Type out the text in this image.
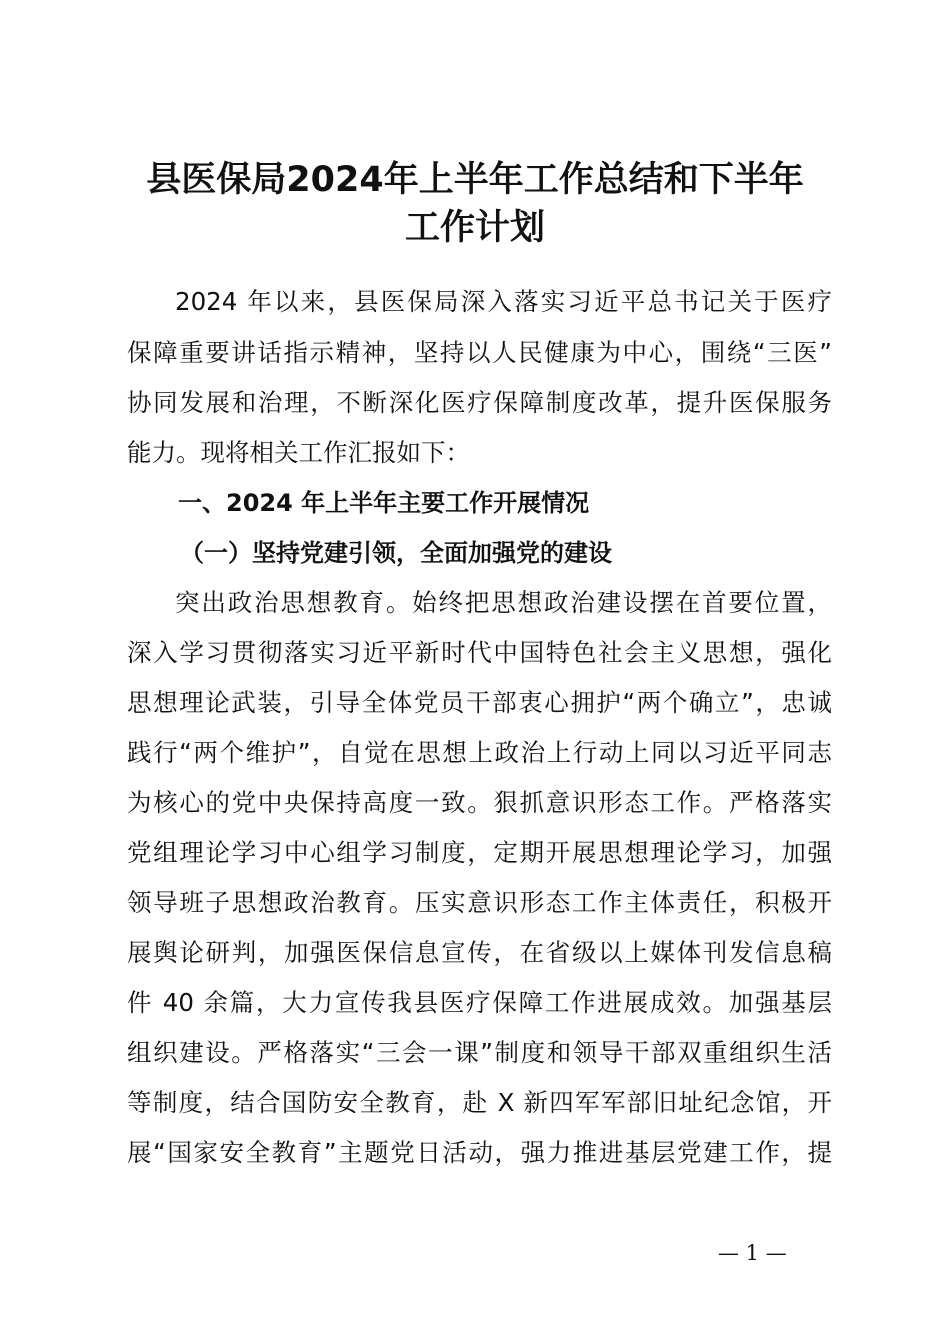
县医保局2024年上半年工作总结和下半年
工作计划
2024 年以来，县医保局深入落实习近平总书记关于医疗
保障重要讲话指示精神，坚持以人民健康为中心，围绕“三医”
协同发展和治理，不断深化医疗保障制度改革，提升医保服务
能力。现将相关工作汇报如下：
一、2024 年上半年主要工作开展情况
（一）坚持党建引领，全面加强党的建设
突出政治思想教育。始终把思想政治建设摆在首要位置，
深入学习贯彻落实习近平新时代中国特色社会主义思想，强化
思想理论武装，引导全体党员干部衷心拥护“两个确立”，忠诚
践行“两个维护”，自觉在思想上政治上行动上同以习近平同志
为核心的党中央保持高度一致。狠抓意识形态工作。严格落实
党组理论学习中心组学习制度，定期开展思想理论学习，加强
领导班子思想政治教育。压实意识形态工作主体责任，积极开
展舆论研判，加强医保信息宣传，在省级以上媒体刊发信息稿
件 40 余篇，大力宣传我县医疗保障工作进展成效。加强基层
组织建设。严格落实“三会一课”制度和领导干部双重组织生活
等制度，结合国防安全教育，赴 X 新四军军部旧址纪念馆，开
展“国家安全教育”主题党日活动，强力推进基层党建工作，提
— 1 —
